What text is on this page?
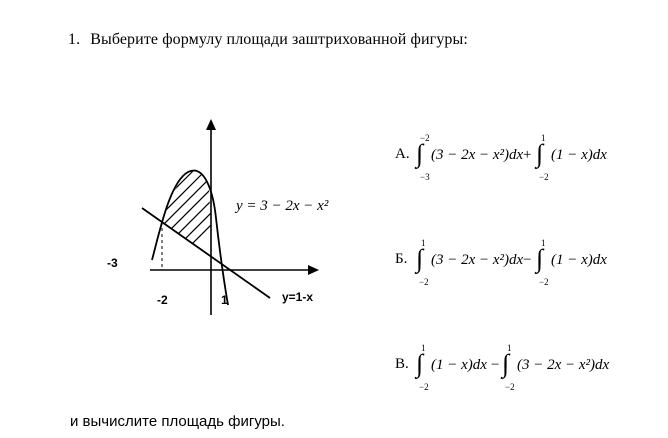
1. Выберите формулу площади заштрихованной фигуры:
y = 3 − 2x − x²
-3
-2	1	y=1-x
А. ∫
−2
−3
(3 − 2x − x²)dx + ∫
1
−2
(1 − x)dx
Б. ∫
1
−2
(3 − 2x − x²)dx − ∫
1
−2
(1 − x)dx
В. ∫
1
−2
(1 − x)dx − ∫
1
−2
(3 − 2x − x²)dx
и вычислите площадь фигуры.
